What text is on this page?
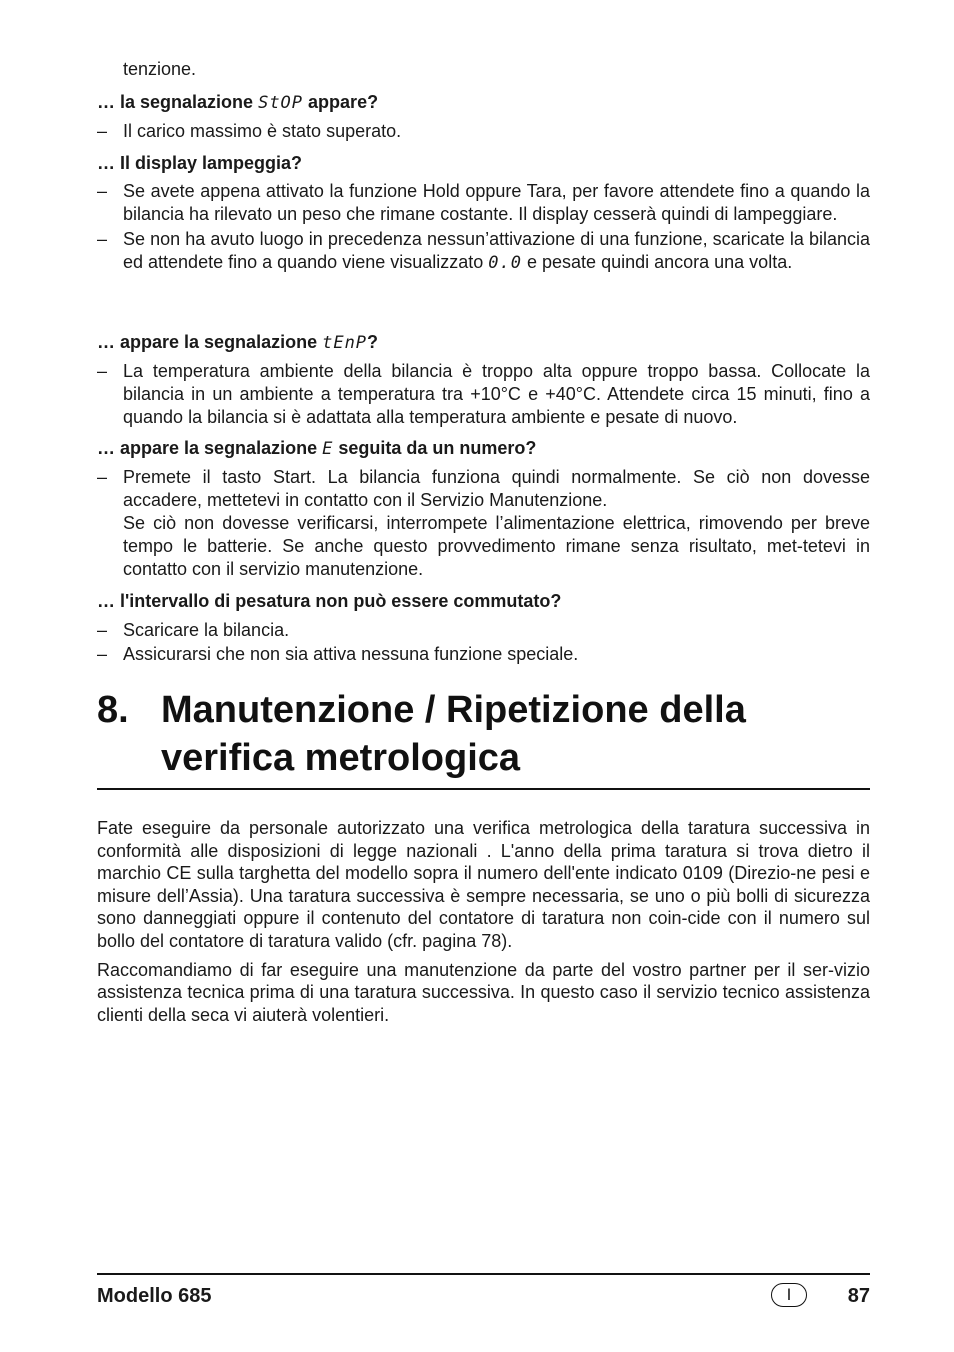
tenzione.

… la segnalazione StOP appare?

– Il carico massimo è stato superato.

… Il display lampeggia?

– Se avete appena attivato la funzione Hold oppure Tara, per favore attendete fino a quando la bilancia ha rilevato un peso che rimane costante. Il display cesserà quindi di lampeggiare.

– Se non ha avuto luogo in precedenza nessun’attivazione di una funzione, scaricate la bilancia ed attendete fino a quando viene visualizzato 0.0 e pesate quindi ancora una volta.

… appare la segnalazione tEnP?

– La temperatura ambiente della bilancia è troppo alta oppure troppo bassa. Collocate la bilancia in un ambiente a temperatura tra +10°C e +40°C. Attendete circa 15 minuti, fino a quando la bilancia si è adattata alla temperatura ambiente e pesate di nuovo.

… appare la segnalazione E seguita da un numero?

– Premete il tasto Start. La bilancia funziona quindi normalmente. Se ciò non dovesse accadere, mettetevi in contatto con il Servizio Manutenzione.

Se ciò non dovesse verificarsi, interrompete l’alimentazione elettrica, rimovendo per breve tempo le batterie. Se anche questo provvedimento rimane senza risultato, met-tetevi in contatto con il servizio manutenzione.

… l'intervallo di pesatura non può essere commutato?

– Scaricare la bilancia.

– Assicurarsi che non sia attiva nessuna funzione speciale.

8. Manutenzione / Ripetizione della
verifica metrologica

Fate eseguire da personale autorizzato una verifica metrologica della taratura successiva in conformità alle disposizioni di legge nazionali . L'anno della prima taratura si trova dietro il marchio CE sulla targhetta del modello sopra il numero dell'ente indicato 0109 (Direzio-ne pesi e misure dell’Assia). Una taratura successiva è sempre necessaria, se uno o più bolli di sicurezza sono danneggiati oppure il contenuto del contatore di taratura non coin-cide con il numero sul bollo del contatore di taratura valido (cfr. pagina 78).

Raccomandiamo di far eseguire una manutenzione da parte del vostro partner per il ser-vizio assistenza tecnica prima di una taratura successiva. In questo caso il servizio tecnico assistenza clienti della seca vi aiuterà volentieri.

Modello 685	I	87
